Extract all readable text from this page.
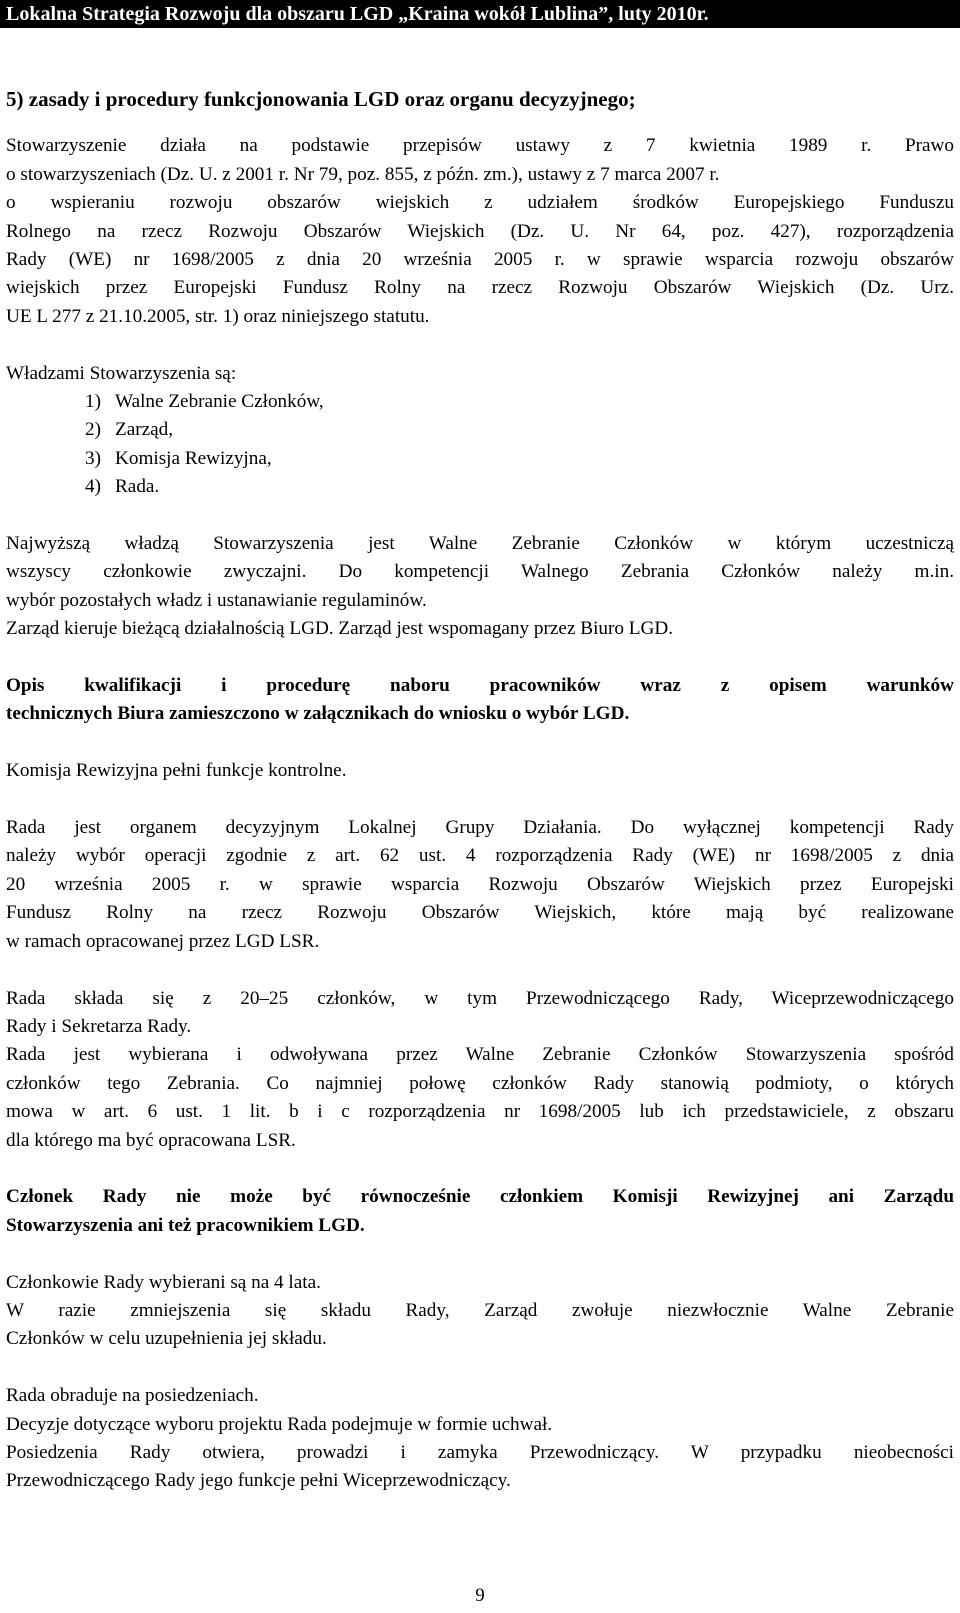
Lokalna Strategia Rozwoju dla obszaru LGD „Kraina wokół Lublina”, luty 2010r.

5) zasady i procedury funkcjonowania LGD oraz organu decyzyjnego;

Stowarzyszenie działa na podstawie przepisów ustawy z 7 kwietnia 1989 r. Prawo

o stowarzyszeniach (Dz. U. z 2001 r. Nr 79, poz. 855, z późn. zm.), ustawy z 7 marca 2007 r.

o wspieraniu rozwoju obszarów wiejskich z udziałem środków Europejskiego Funduszu

Rolnego na rzecz Rozwoju Obszarów Wiejskich (Dz. U. Nr 64, poz. 427), rozporządzenia

Rady (WE) nr 1698/2005 z dnia 20 września 2005 r. w sprawie wsparcia rozwoju obszarów

wiejskich przez Europejski Fundusz Rolny na rzecz Rozwoju Obszarów Wiejskich (Dz. Urz.

UE L 277 z 21.10.2005, str. 1) oraz niniejszego statutu.

Władzami Stowarzyszenia są:

1) Walne Zebranie Członków,
2) Zarząd,
3) Komisja Rewizyjna,
4) Rada.

Najwyższą władzą Stowarzyszenia jest Walne Zebranie Członków w którym uczestniczą

wszyscy członkowie zwyczajni. Do kompetencji Walnego Zebrania Członków należy m.in.

wybór pozostałych władz i ustanawianie regulaminów.

Zarząd kieruje bieżącą działalnością LGD. Zarząd jest wspomagany przez Biuro LGD.

Opis kwalifikacji i procedurę naboru pracowników wraz z opisem warunków

technicznych Biura zamieszczono w załącznikach do wniosku o wybór LGD.

Komisja Rewizyjna pełni funkcje kontrolne.

Rada jest organem decyzyjnym Lokalnej Grupy Działania. Do wyłącznej kompetencji Rady

należy wybór operacji zgodnie z art. 62 ust. 4 rozporządzenia Rady (WE) nr 1698/2005 z dnia

20 września 2005 r. w sprawie wsparcia Rozwoju Obszarów Wiejskich przez Europejski

Fundusz Rolny na rzecz Rozwoju Obszarów Wiejskich, które mają być realizowane

w ramach opracowanej przez LGD LSR.

Rada składa się z 20–25 członków, w tym Przewodniczącego Rady, Wiceprzewodniczącego

Rady i Sekretarza Rady.

Rada jest wybierana i odwoływana przez Walne Zebranie Członków Stowarzyszenia spośród

członków tego Zebrania. Co najmniej połowę członków Rady stanowią podmioty, o których

mowa w art. 6 ust. 1 lit. b i c rozporządzenia nr 1698/2005 lub ich przedstawiciele, z obszaru

dla którego ma być opracowana LSR.

Członek Rady nie może być równocześnie członkiem Komisji Rewizyjnej ani Zarządu

Stowarzyszenia ani też pracownikiem LGD.

Członkowie Rady wybierani są na 4 lata.

W razie zmniejszenia się składu Rady, Zarząd zwołuje niezwłocznie Walne Zebranie

Członków w celu uzupełnienia jej składu.

Rada obraduje na posiedzeniach.

Decyzje dotyczące wyboru projektu Rada podejmuje w formie uchwał.

Posiedzenia Rady otwiera, prowadzi i zamyka Przewodniczący. W przypadku nieobecności

Przewodniczącego Rady jego funkcje pełni Wiceprzewodniczący.

9
